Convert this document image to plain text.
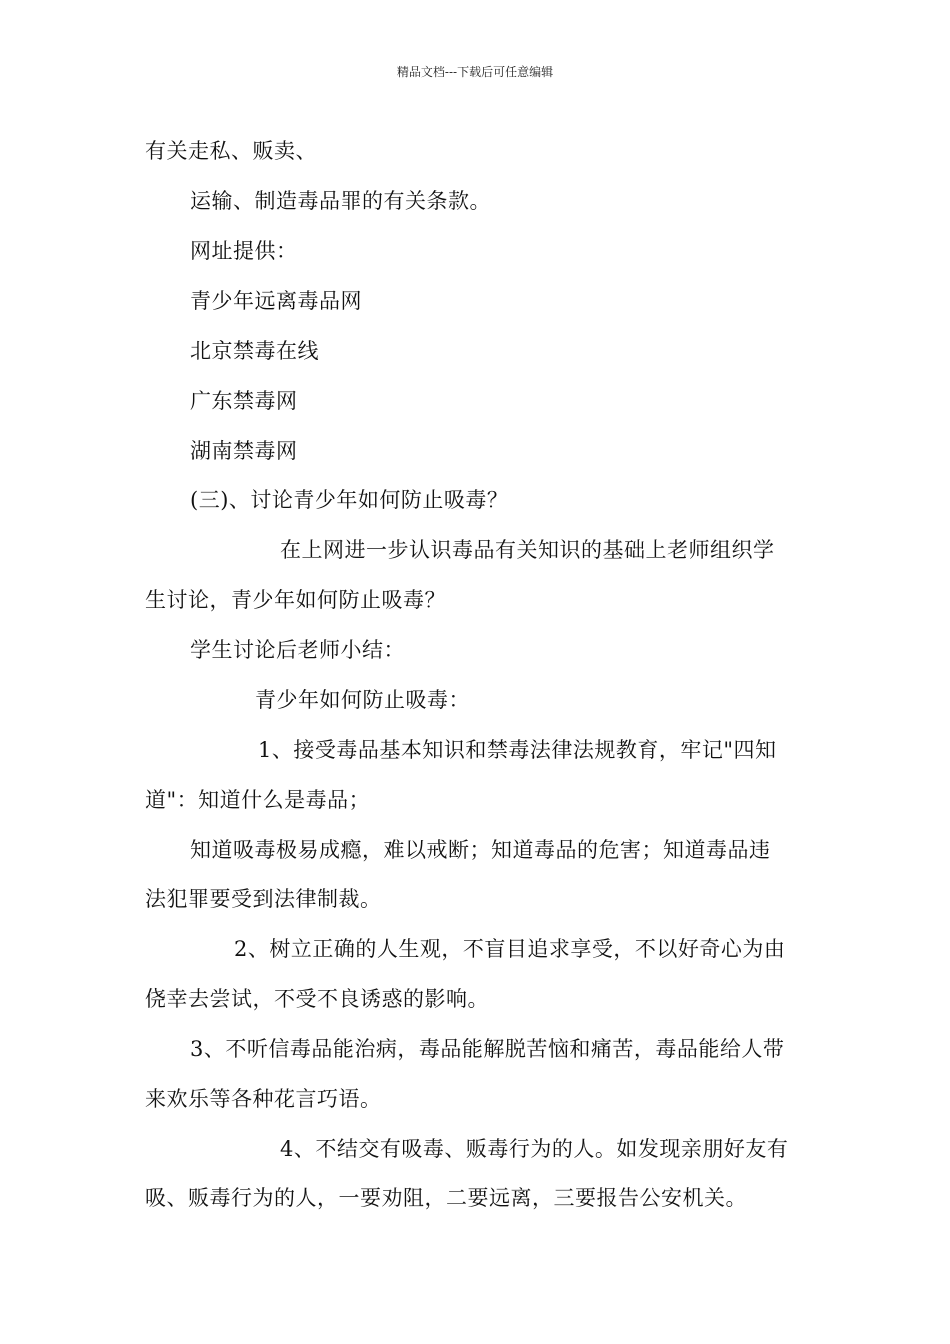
精品文档---下载后可任意编辑
有关走私、贩卖、
运输、制造毒品罪的有关条款。
网址提供：
青少年远离毒品网
北京禁毒在线
广东禁毒网
湖南禁毒网
(三)、讨论青少年如何防止吸毒？
在上网进一步认识毒品有关知识的基础上老师组织学
生讨论，青少年如何防止吸毒？
学生讨论后老师小结：
青少年如何防止吸毒：
1、接受毒品基本知识和禁毒法律法规教育，牢记"四知
道"：知道什么是毒品；
知道吸毒极易成瘾，难以戒断；知道毒品的危害；知道毒品违
法犯罪要受到法律制裁。
2、树立正确的人生观，不盲目追求享受，不以好奇心为由
侥幸去尝试，不受不良诱惑的影响。
3、不听信毒品能治病，毒品能解脱苦恼和痛苦，毒品能给人带
来欢乐等各种花言巧语。
4、不结交有吸毒、贩毒行为的人。如发现亲朋好友有
吸、贩毒行为的人，一要劝阻，二要远离，三要报告公安机关。
